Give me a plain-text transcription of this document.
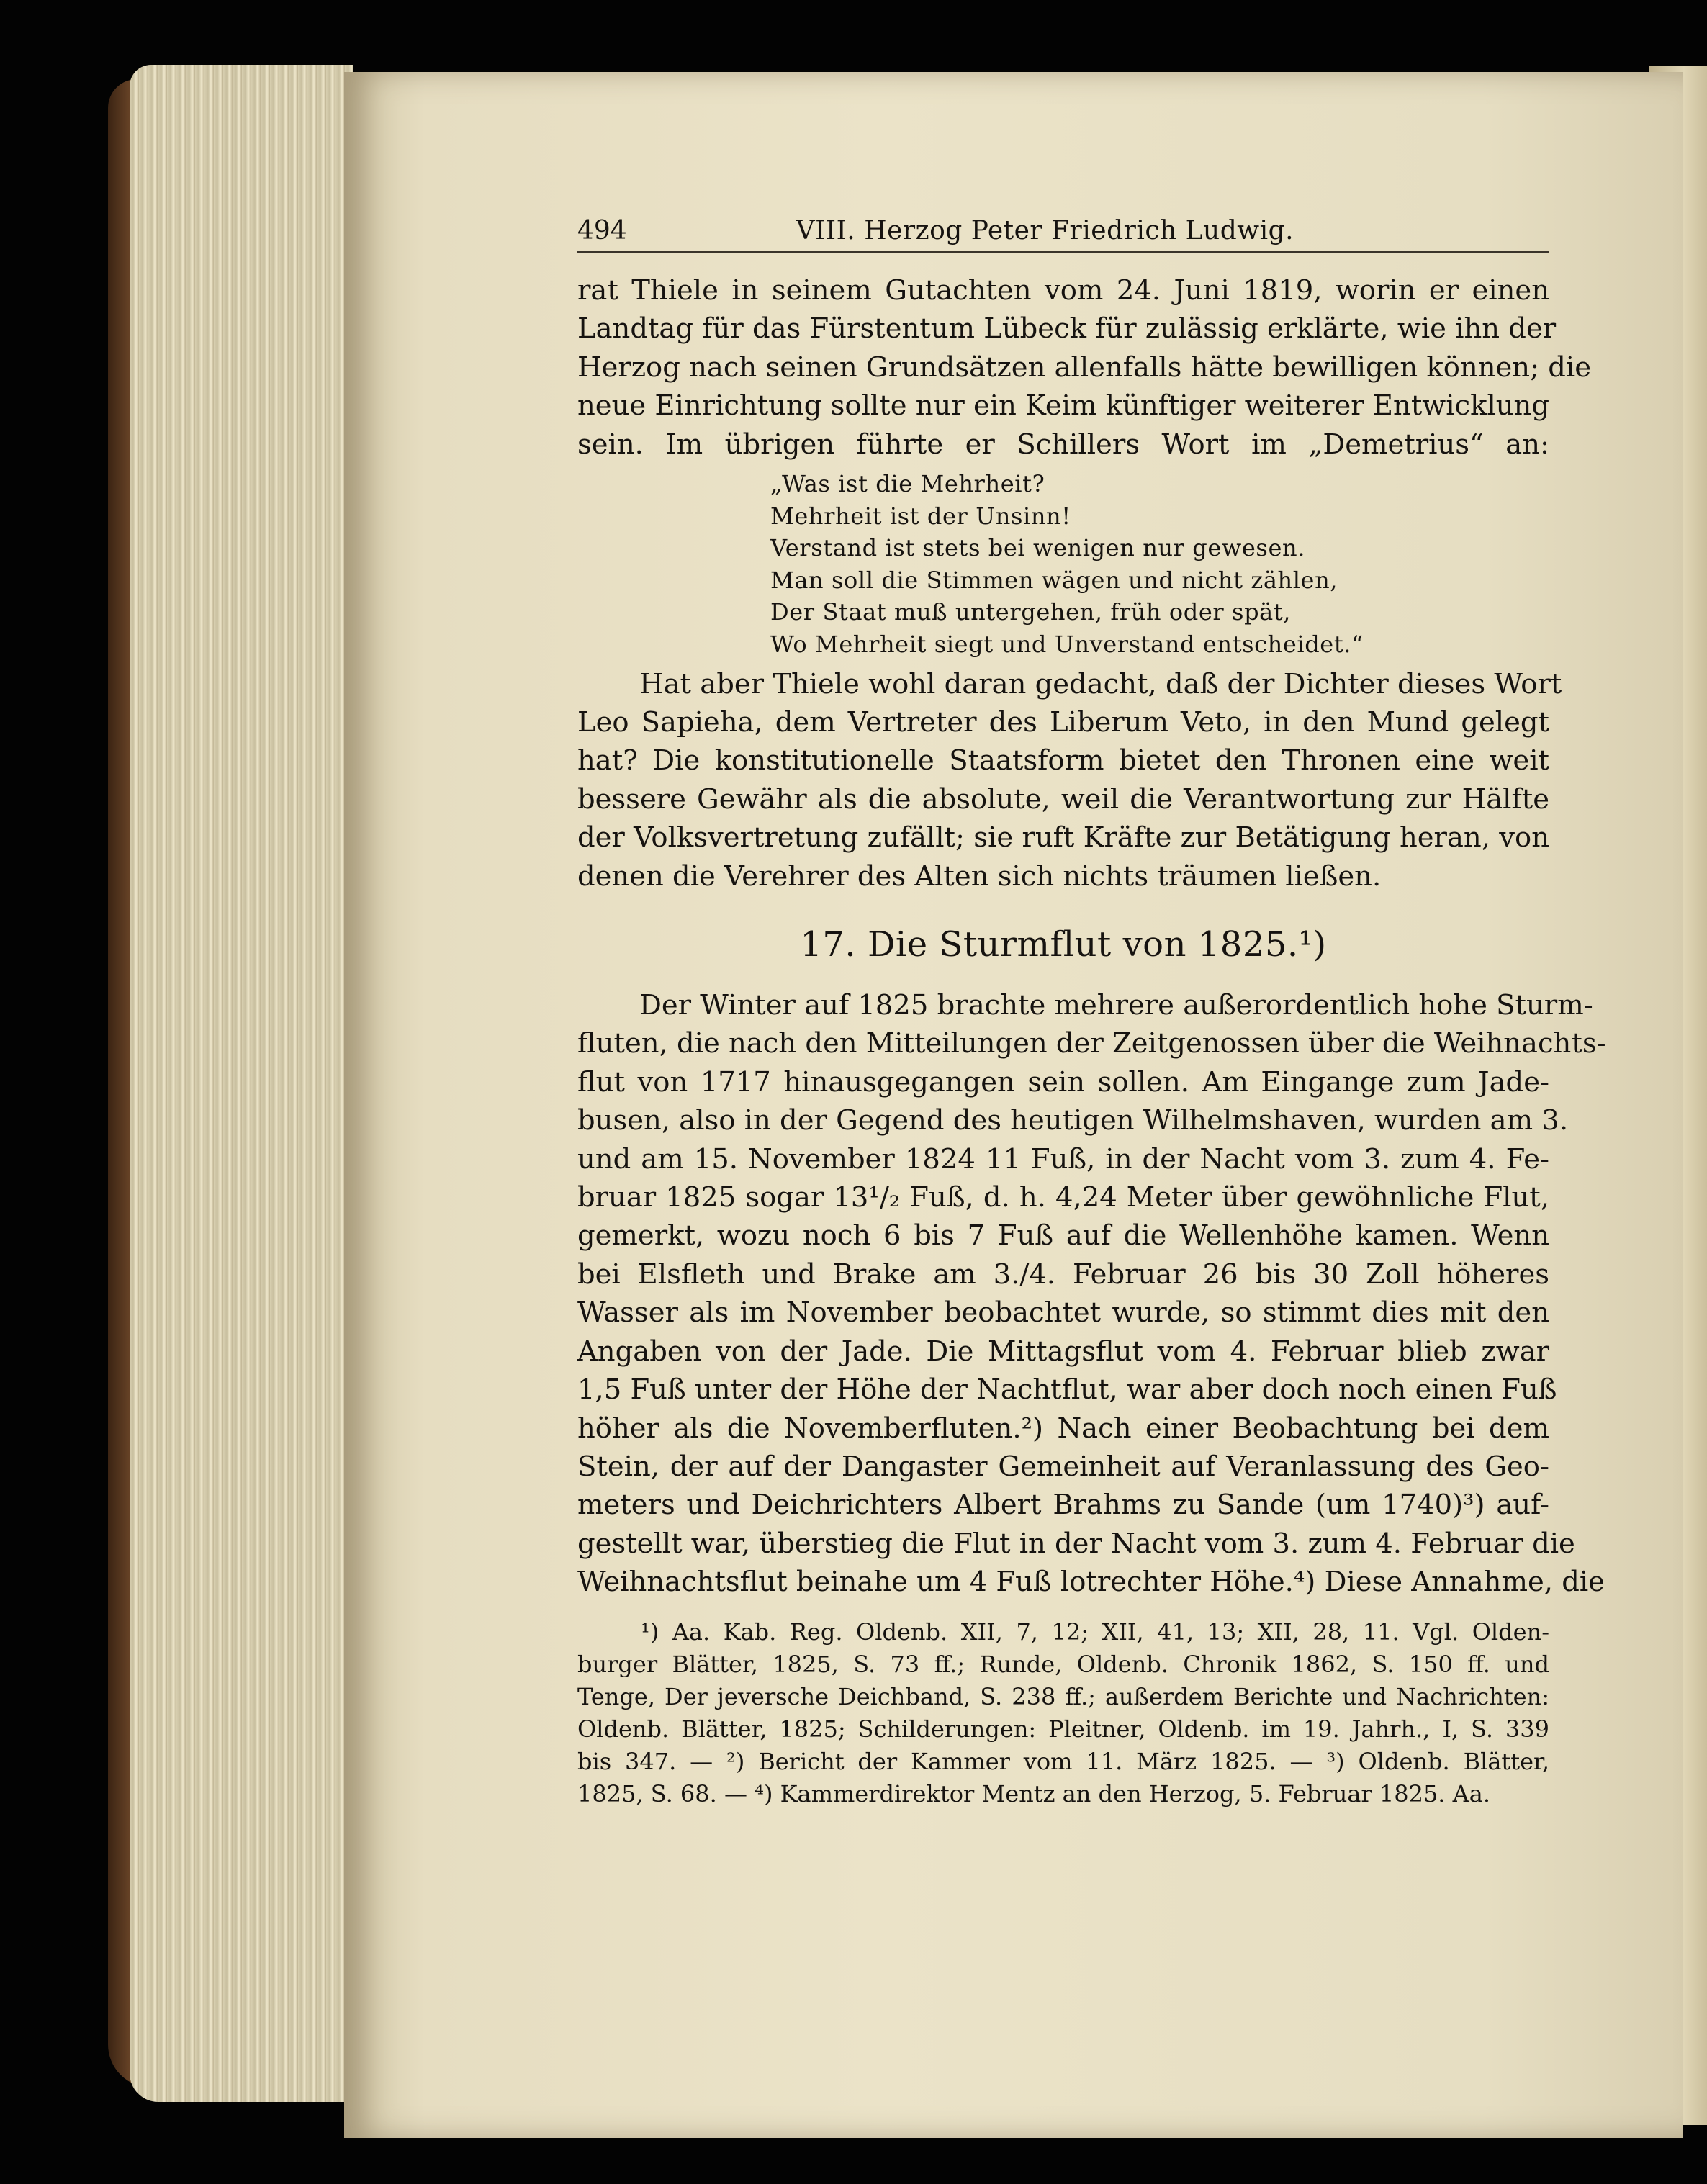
494	VIII. Herzog Peter Friedrich Ludwig.
rat Thiele in seinem Gutachten vom 24. Juni 1819, worin er einen
Landtag für das Fürstentum Lübeck für zulässig erklärte, wie ihn der
Herzog nach seinen Grundsätzen allenfalls hätte bewilligen können; die
neue Einrichtung sollte nur ein Keim künftiger weiterer Entwicklung
sein. Im übrigen führte er Schillers Wort im „Demetrius“ an:
„Was ist die Mehrheit?
Mehrheit ist der Unsinn!
Verstand ist stets bei wenigen nur gewesen.
Man soll die Stimmen wägen und nicht zählen,
Der Staat muß untergehen, früh oder spät,
Wo Mehrheit siegt und Unverstand entscheidet.“
Hat aber Thiele wohl daran gedacht, daß der Dichter dieses Wort
Leo Sapieha, dem Vertreter des Liberum Veto, in den Mund gelegt
hat? Die konstitutionelle Staatsform bietet den Thronen eine weit
bessere Gewähr als die absolute, weil die Verantwortung zur Hälfte
der Volksvertretung zufällt; sie ruft Kräfte zur Betätigung heran, von
denen die Verehrer des Alten sich nichts träumen ließen.
17. Die Sturmflut von 1825.¹)
Der Winter auf 1825 brachte mehrere außerordentlich hohe Sturm-
fluten, die nach den Mitteilungen der Zeitgenossen über die Weihnachts-
flut von 1717 hinausgegangen sein sollen. Am Eingange zum Jade-
busen, also in der Gegend des heutigen Wilhelmshaven, wurden am 3.
und am 15. November 1824 11 Fuß, in der Nacht vom 3. zum 4. Fe-
bruar 1825 sogar 13¹/₂ Fuß, d. h. 4,24 Meter über gewöhnliche Flut,
gemerkt, wozu noch 6 bis 7 Fuß auf die Wellenhöhe kamen. Wenn
bei Elsfleth und Brake am 3./4. Februar 26 bis 30 Zoll höheres
Wasser als im November beobachtet wurde, so stimmt dies mit den
Angaben von der Jade. Die Mittagsflut vom 4. Februar blieb zwar
1,5 Fuß unter der Höhe der Nachtflut, war aber doch noch einen Fuß
höher als die Novemberfluten.²) Nach einer Beobachtung bei dem
Stein, der auf der Dangaster Gemeinheit auf Veranlassung des Geo-
meters und Deichrichters Albert Brahms zu Sande (um 1740)³) auf-
gestellt war, überstieg die Flut in der Nacht vom 3. zum 4. Februar die
Weihnachtsflut beinahe um 4 Fuß lotrechter Höhe.⁴) Diese Annahme, die
¹) Aa. Kab. Reg. Oldenb. XII, 7, 12; XII, 41, 13; XII, 28, 11. Vgl. Olden-
burger Blätter, 1825, S. 73 ff.; Runde, Oldenb. Chronik 1862, S. 150 ff. und
Tenge, Der jeversche Deichband, S. 238 ff.; außerdem Berichte und Nachrichten:
Oldenb. Blätter, 1825; Schilderungen: Pleitner, Oldenb. im 19. Jahrh., I, S. 339
bis 347. — ²) Bericht der Kammer vom 11. März 1825. — ³) Oldenb. Blätter,
1825, S. 68. — ⁴) Kammerdirektor Mentz an den Herzog, 5. Februar 1825. Aa.
